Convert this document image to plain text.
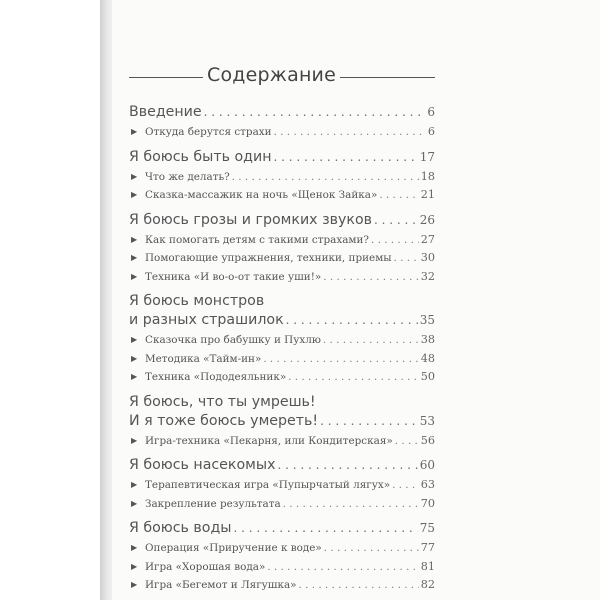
Содержание
Введение . . .	6
▶ Откуда берутся страхи . . .	6
Я боюсь быть один . . .	17
▶ Что же делать? . . .	18
▶ Сказка-массажик на ночь «Щенок Зайка» . . .	21
Я боюсь грозы и громких звуков . . .	26
▶ Как помогать детям с такими страхами? . . .	27
▶ Помогающие упражнения, техники, приемы . . .	30
▶ Техника «И во-о-от такие уши!» . . .	32
Я боюсь монстров
и разных страшилок . . .	35
▶ Сказочка про бабушку и Пухлю . . .	38
▶ Методика «Тайм-ин» . . .	48
▶ Техника «Пододеяльник» . . .	50
Я боюсь, что ты умрешь!
И я тоже боюсь умереть! . . .	53
▶ Игра-техника «Пекарня, или Кондитерская» . . .	56
Я боюсь насекомых . . .	60
▶ Терапевтическая игра «Пупырчатый лягух» . . .	63
▶ Закрепление результата . . .	70
Я боюсь воды . . .	75
▶ Операция «Приручение к воде» . . .	77
▶ Игра «Хорошая вода» . . .	81
▶ Игра «Бегемот и Лягушка» . . .	82
